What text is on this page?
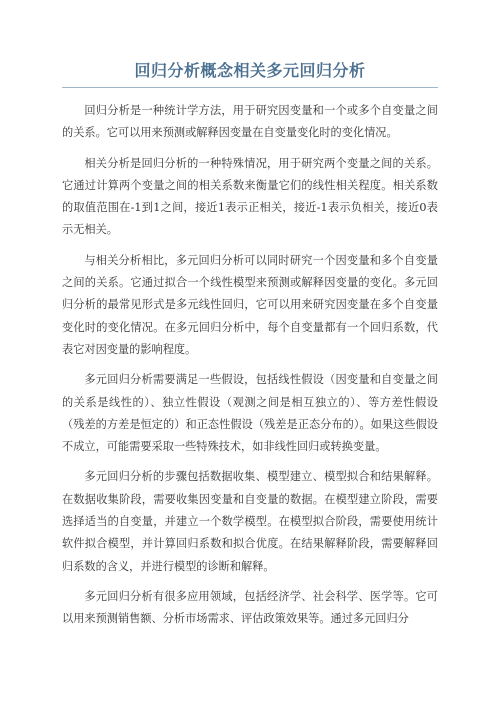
回归分析概念相关多元回归分析

回归分析是一种统计学方法，用于研究因变量和一个或多个自变量之间的关系。它可以用来预测或解释因变量在自变量变化时的变化情况。

相关分析是回归分析的一种特殊情况，用于研究两个变量之间的关系。它通过计算两个变量之间的相关系数来衡量它们的线性相关程度。相关系数的取值范围在-1到1之间，接近1表示正相关，接近-1表示负相关，接近0表示无相关。

与相关分析相比，多元回归分析可以同时研究一个因变量和多个自变量之间的关系。它通过拟合一个线性模型来预测或解释因变量的变化。多元回归分析的最常见形式是多元线性回归，它可以用来研究因变量在多个自变量变化时的变化情况。在多元回归分析中，每个自变量都有一个回归系数，代表它对因变量的影响程度。

多元回归分析需要满足一些假设，包括线性假设（因变量和自变量之间的关系是线性的）、独立性假设（观测之间是相互独立的）、等方差性假设（残差的方差是恒定的）和正态性假设（残差是正态分布的）。如果这些假设不成立，可能需要采取一些特殊技术，如非线性回归或转换变量。

多元回归分析的步骤包括数据收集、模型建立、模型拟合和结果解释。在数据收集阶段，需要收集因变量和自变量的数据。在模型建立阶段，需要选择适当的自变量，并建立一个数学模型。在模型拟合阶段，需要使用统计软件拟合模型，并计算回归系数和拟合优度。在结果解释阶段，需要解释回归系数的含义，并进行模型的诊断和解释。

多元回归分析有很多应用领域，包括经济学、社会科学、医学等。它可以用来预测销售额、分析市场需求、评估政策效果等。通过多元回归分
